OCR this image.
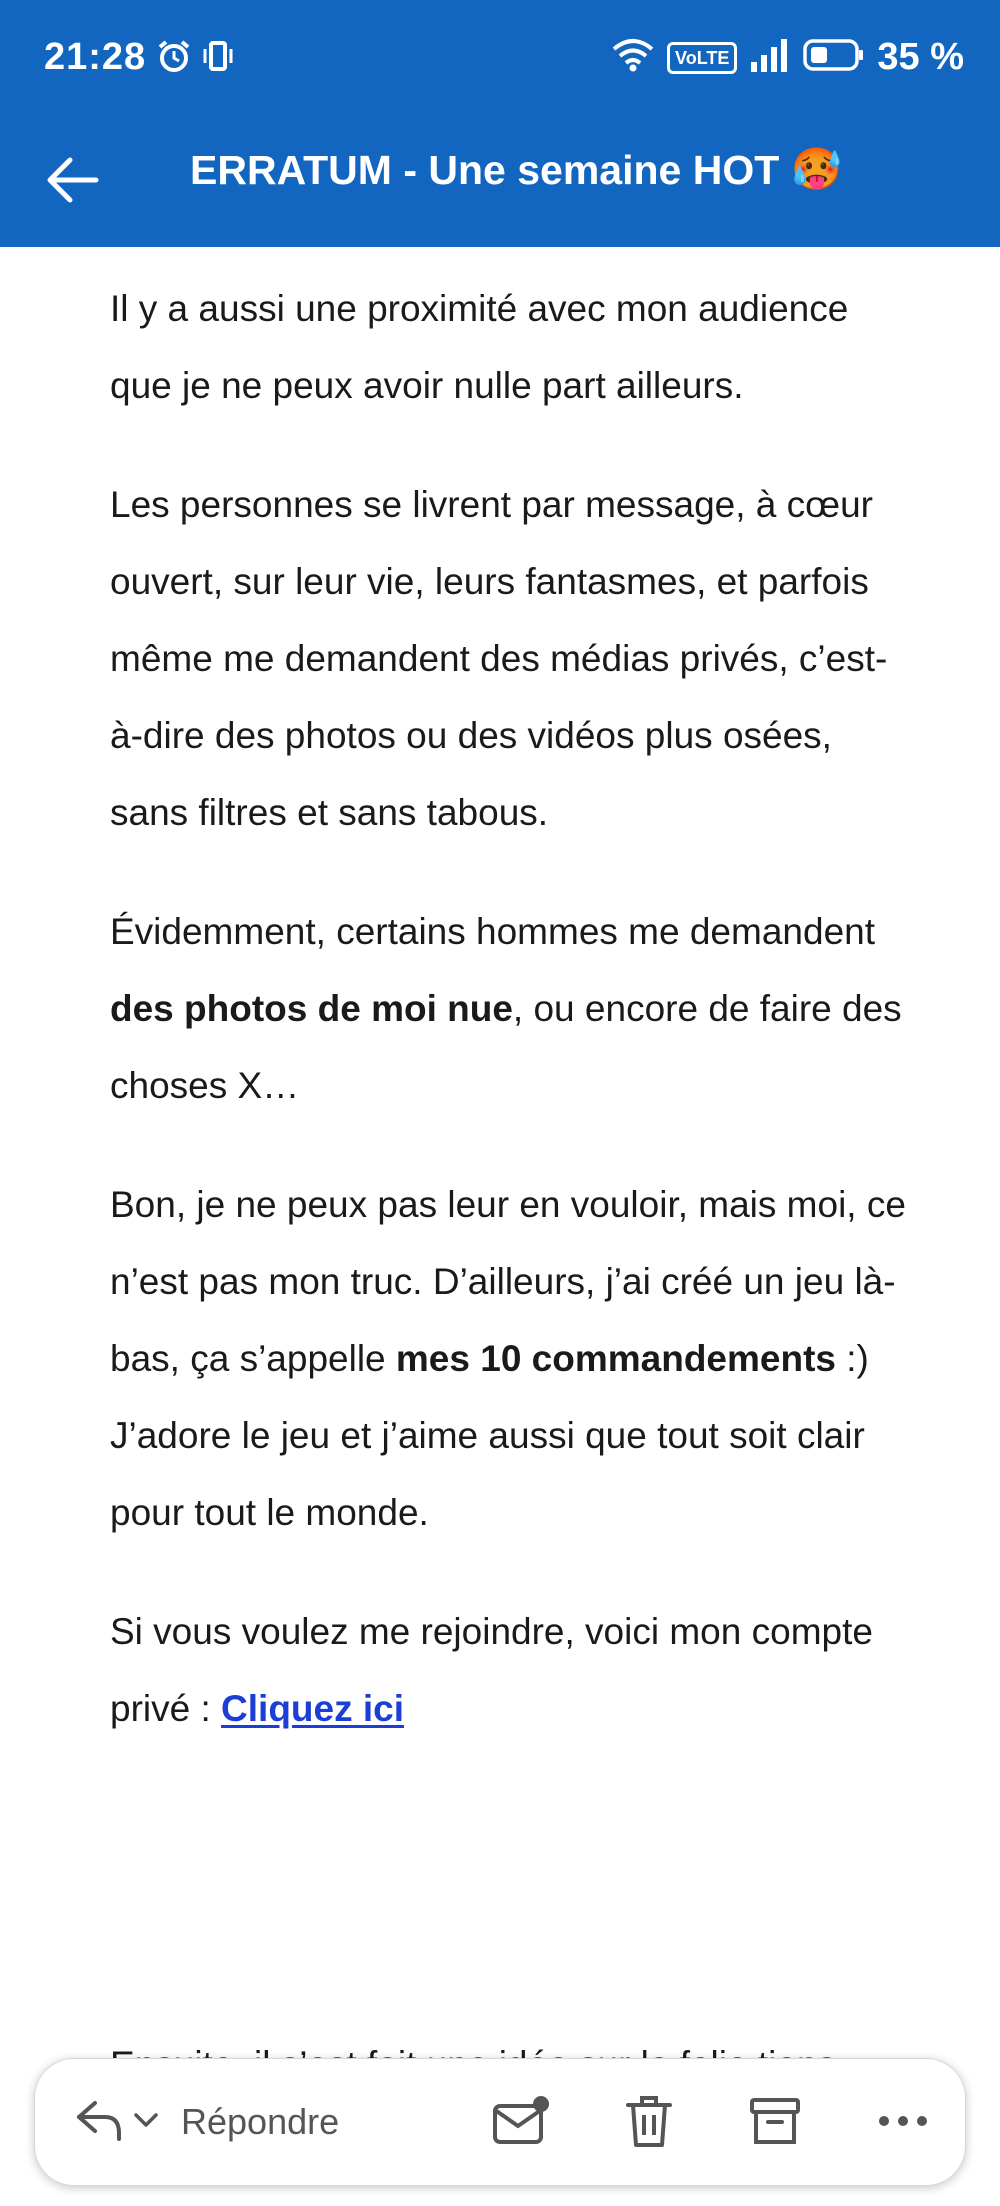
21:28	VoLTE	35 %
ERRATUM - Une semaine HOT 🥵

Il y a aussi une proximité avec mon audience que je ne peux avoir nulle part ailleurs.

Les personnes se livrent par message, à cœur ouvert, sur leur vie, leurs fantasmes, et parfois même me demandent des médias privés, c’est-à-dire des photos ou des vidéos plus osées, sans filtres et sans tabous.

Évidemment, certains hommes me demandent des photos de moi nue, ou encore de faire des choses X…

Bon, je ne peux pas leur en vouloir, mais moi, ce n’est pas mon truc. D’ailleurs, j’ai créé un jeu là-bas, ça s’appelle mes 10 commandements :) J’adore le jeu et j’aime aussi que tout soit clair pour tout le monde.

Si vous voulez me rejoindre, voici mon compte privé : Cliquez ici

Répondre
